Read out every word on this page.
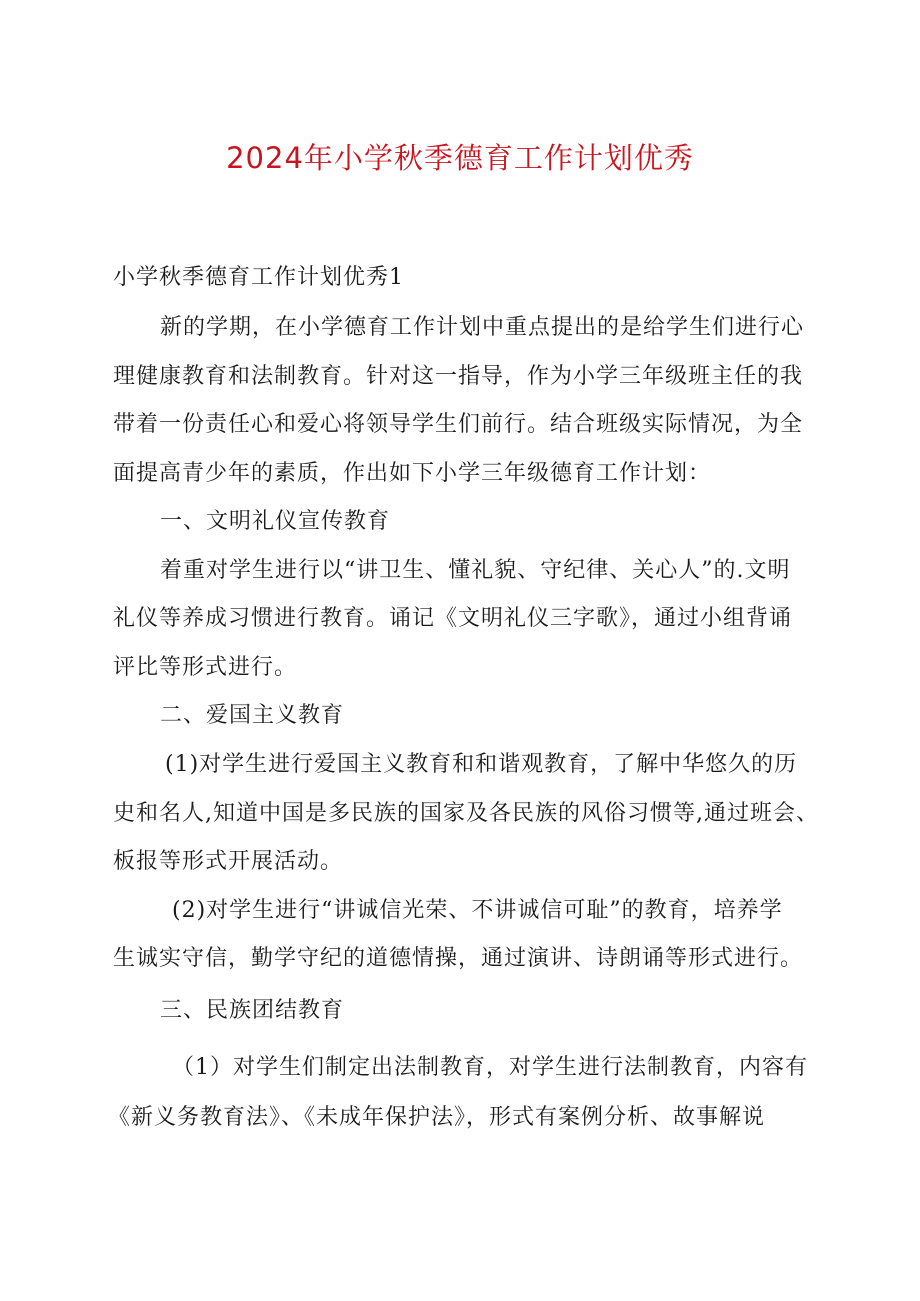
2024年小学秋季德育工作计划优秀
小学秋季德育工作计划优秀1
新的学期，在小学德育工作计划中重点提出的是给学生们进行心
理健康教育和法制教育。针对这一指导，作为小学三年级班主任的我
带着一份责任心和爱心将领导学生们前行。结合班级实际情况，为全
面提高青少年的素质，作出如下小学三年级德育工作计划：
一、文明礼仪宣传教育
着重对学生进行以“讲卫生、懂礼貌、守纪律、关心人”的.文明
礼仪等养成习惯进行教育。诵记《文明礼仪三字歌》，通过小组背诵
评比等形式进行。
二、爱国主义教育
(1)对学生进行爱国主义教育和和谐观教育，了解中华悠久的历
史和名人,知道中国是多民族的国家及各民族的风俗习惯等,通过班会、
板报等形式开展活动。
(2)对学生进行“讲诚信光荣、不讲诚信可耻”的教育，培养学
生诚实守信，勤学守纪的道德情操，通过演讲、诗朗诵等形式进行。
三、民族团结教育
（1）对学生们制定出法制教育，对学生进行法制教育，内容有
《新义务教育法》、《未成年保护法》，形式有案例分析、故事解说
